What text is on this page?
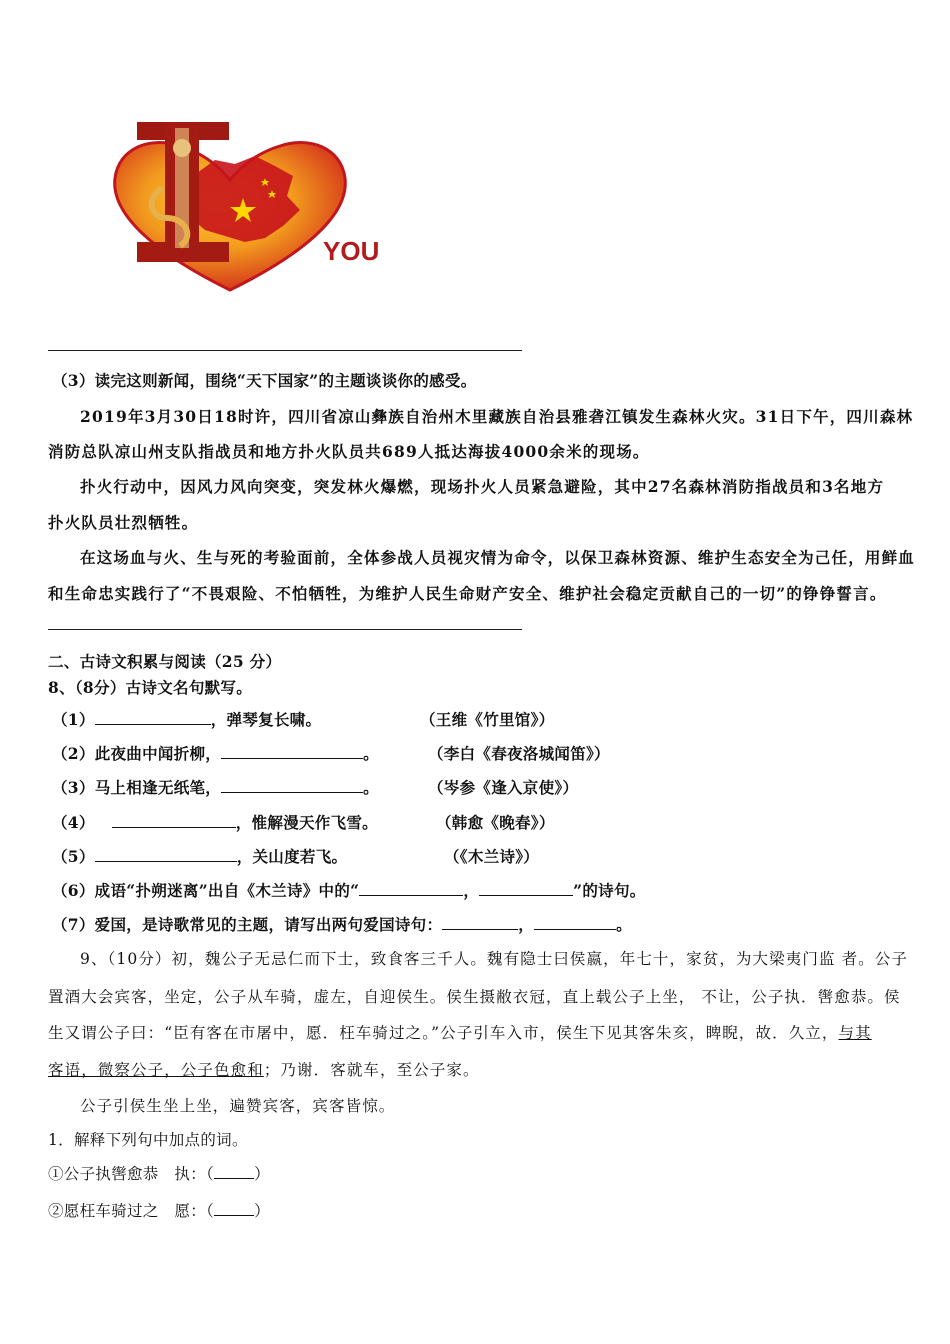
YOU
（3）读完这则新闻，围绕“天下国家”的主题谈谈你的感受。
2019年3月30日18时许，四川省凉山彝族自治州木里藏族自治县雅砻江镇发生森林火灾。31日下午，四川森林
消防总队凉山州支队指战员和地方扑火队员共689人抵达海拔4000余米的现场。
扑火行动中，因风力风向突变，突发林火爆燃，现场扑火人员紧急避险，其中27名森林消防指战员和3名地方
扑火队员壮烈牺牲。
在这场血与火、生与死的考验面前，全体参战人员视灾情为命令，以保卫森林资源、维护生态安全为己任，用鲜血
和生命忠实践行了“不畏艰险、不怕牺牲，为维护人民生命财产安全、维护社会稳定贡献自己的一切”的铮铮誓言。
二、古诗文积累与阅读（25 分）
8、（8分）古诗文名句默写。
（1）	，弹琴复长啸。	（王维《竹里馆》）
（2）此夜曲中闻折柳，	。	（李白《春夜洛城闻笛》）
（3）马上相逢无纸笔，	。	（岑参《逢入京使》）
（4）	，惟解漫天作飞雪。	（韩愈《晚春》）
（5）	，关山度若飞。	（《木兰诗》）
（6）成语“扑朔迷离”出自《木兰诗》中的“	，	”的诗句。
（7）爱国，是诗歌常见的主题，请写出两句爱国诗句：	，	。
9、（10分）初，魏公子无忌仁而下士，致食客三千人。魏有隐士曰侯嬴，年七十，家贫，为大梁夷门监 者。公子
置酒大会宾客，坐定，公子从车骑，虚左，自迎侯生。侯生摄敝衣冠，直上载公子上坐， 不让，公子执．辔愈恭。侯
生又谓公子曰：“臣有客在市屠中，愿．枉车骑过之。”公子引车入市，侯生下见其客朱亥，睥睨，故．久立，与其
客语，微察公子，公子色愈和；乃谢．客就车，至公子家。
公子引侯生坐上坐，遍赞宾客，宾客皆惊。
1．解释下列句中加点的词。
①公子执辔愈恭　执：（	）
②愿枉车骑过之　愿：（	）
